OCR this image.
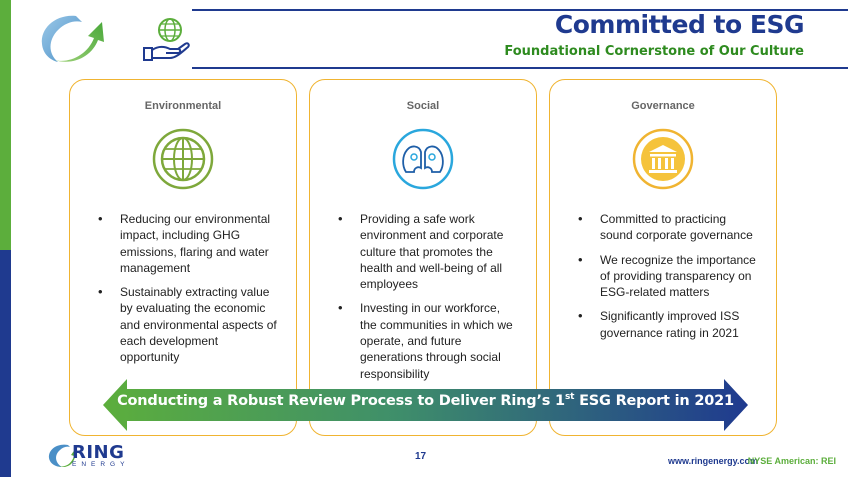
Committed to ESG
Foundational Cornerstone of Our Culture
Environmental
• Reducing our environmental impact, including GHG emissions, flaring and water management
• Sustainably extracting value by evaluating the economic and environmental aspects of each development opportunity
Social
• Providing a safe work environment and corporate culture that promotes the health and well-being of all employees
• Investing in our workforce, the communities in which we operate, and future generations through social responsibility
Governance
• Committed to practicing sound corporate governance
• We recognize the importance of providing transparency on ESG-related matters
• Significantly improved ISS governance rating in 2021
Conducting a Robust Review Process to Deliver Ring’s 1st ESG Report in 2021
RING
ENERGY
17	www.ringenergy.com
NYSE American: REI
